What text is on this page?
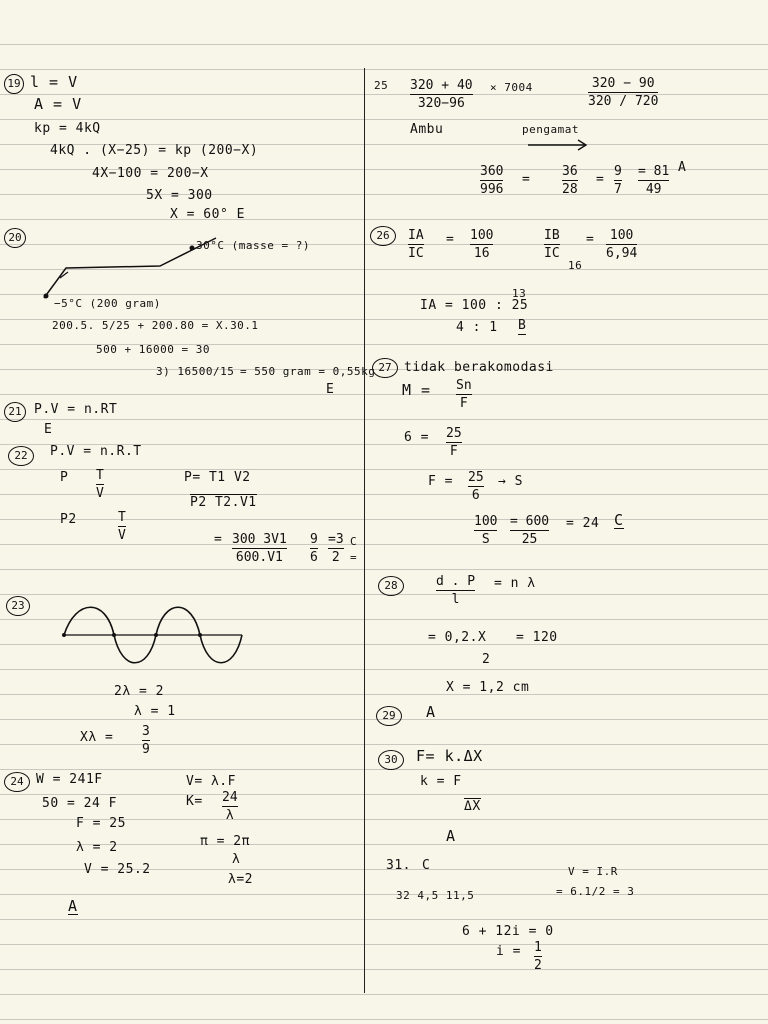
19 l = V
A = V
kp = 4kQ
4kQ . (X−25) = kp (200−X)
4X−100 = 200−X
5X = 300
X = 60° E
20
30°C (masse = ?)
−5°C (200 gram)
200.5. 5/25 + 200.80 = X.30.1
500 + 16000 = 30
3) 16500/15 = 550 gram = 0,55kg
E
21 P.V = n.RT
E
22	P.V = n.R.T
P T
V
P2	T
V
P= T1 V2
P2 T2.V1
= 300 3V1
600.V1
9
6
=3
2
C
=
23
2λ = 2
λ = 1
Xλ = 3
9
24 W = 241F
50 = 24 F
F = 25
λ = 2
V = 25.2
V= λ.F
K= 24
λ
π = 2π
λ
λ=2
A
25 320 + 40
320−96
× 7004	320 − 90
320 / 720
Ambu	pengamat
360
996
=
36
28
=
9
7
= 81
49
A
26	IA
IC
= 100
16
IB
IC
16
= 100
6,94
13
IA = 100 : 25
4 : 1 B
27 tidak berakomodasi
M = Sn
F
6 = 25
F
F = 25
6
→ S
100
S
= 600
25
= 24 C
28	d . P
l
= n λ
= 0,2.X
2
= 120
X = 1,2 cm
29	A
30	F= k.ΔX
k = F
ΔX
A
31. C
32 4,5 11,5
V = I.R
= 6.1/2 = 3
6 + 12i = 0
i = 1
2
